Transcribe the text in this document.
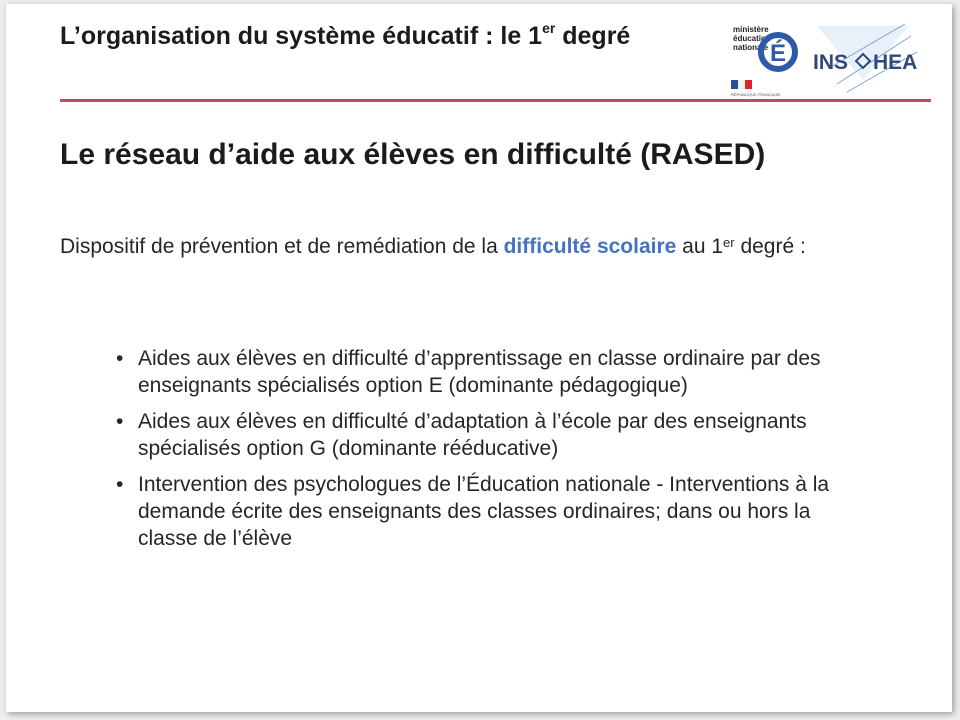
L’organisation du système éducatif : le 1er degré	ministère
éducation
nationale É
RÉPUBLIQUE FRANÇAISE
INS HEA
Le réseau d’aide aux élèves en difficulté (RASED)

Dispositif de prévention et de remédiation de la difficulté scolaire au 1er degré :

• Aides aux élèves en difficulté d’apprentissage en classe ordinaire par des enseignants spécialisés option E (dominante pédagogique)
• Aides aux élèves en difficulté d’adaptation à l’école par des enseignants spécialisés option G (dominante rééducative)
• Intervention des psychologues de l’Éducation nationale - Interventions à la demande écrite des enseignants des classes ordinaires; dans ou hors la classe de l’élève
